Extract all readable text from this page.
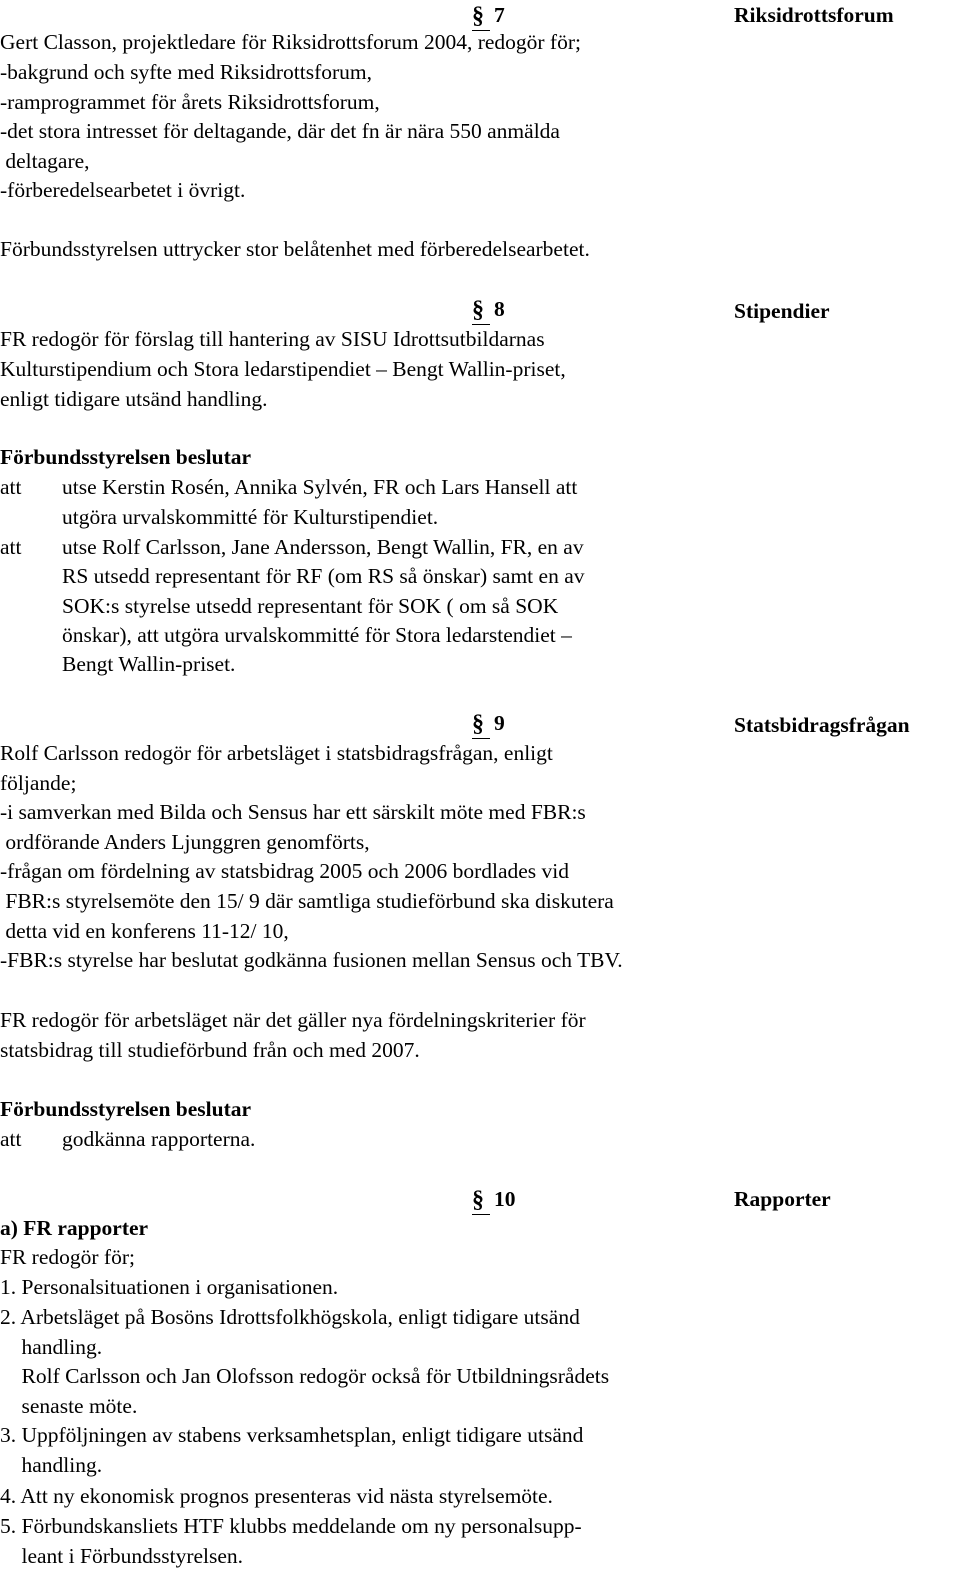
§ 7	Riksidrottsforum
Gert Classon, projektledare för Riksidrottsforum 2004, redogör för;
-bakgrund och syfte med Riksidrottsforum,
-ramprogrammet för årets Riksidrottsforum,
-det stora intresset för deltagande, där det fn är nära 550 anmälda
deltagare,
-förberedelsearbetet i övrigt.
Förbundsstyrelsen uttrycker stor belåtenhet med förberedelsearbetet.
§ 8	Stipendier
FR redogör för förslag till hantering av SISU Idrottsutbildarnas
Kulturstipendium och Stora ledarstipendiet – Bengt Wallin-priset,
enligt tidigare utsänd handling.
Förbundsstyrelsen beslutar
att utse Kerstin Rosén, Annika Sylvén, FR och Lars Hansell att
utgöra urvalskommitté för Kulturstipendiet.
att utse Rolf Carlsson, Jane Andersson, Bengt Wallin, FR, en av
RS utsedd representant för RF (om RS så önskar) samt en av
SOK:s styrelse utsedd representant för SOK ( om så SOK
önskar), att utgöra urvalskommitté för Stora ledarstendiet –
Bengt Wallin-priset.
§ 9	Statsbidragsfrågan
Rolf Carlsson redogör för arbetsläget i statsbidragsfrågan, enligt
följande;
-i samverkan med Bilda och Sensus har ett särskilt möte med FBR:s
ordförande Anders Ljunggren genomförts,
-frågan om fördelning av statsbidrag 2005 och 2006 bordlades vid
FBR:s styrelsemöte den 15/ 9 där samtliga studieförbund ska diskutera
detta vid en konferens 11-12/ 10,
-FBR:s styrelse har beslutat godkänna fusionen mellan Sensus och TBV.
FR redogör för arbetsläget när det gäller nya fördelningskriterier för
statsbidrag till studieförbund från och med 2007.
Förbundsstyrelsen beslutar
att godkänna rapporterna.
§ 10	Rapporter
a) FR rapporter
FR redogör för;
1. Personalsituationen i organisationen.
2. Arbetsläget på Bosöns Idrottsfolkhögskola, enligt tidigare utsänd
handling.
Rolf Carlsson och Jan Olofsson redogör också för Utbildningsrådets
senaste möte.
3. Uppföljningen av stabens verksamhetsplan, enligt tidigare utsänd
handling.
4. Att ny ekonomisk prognos presenteras vid nästa styrelsemöte.
5. Förbundskansliets HTF klubbs meddelande om ny personalsupp-
leant i Förbundsstyrelsen.
